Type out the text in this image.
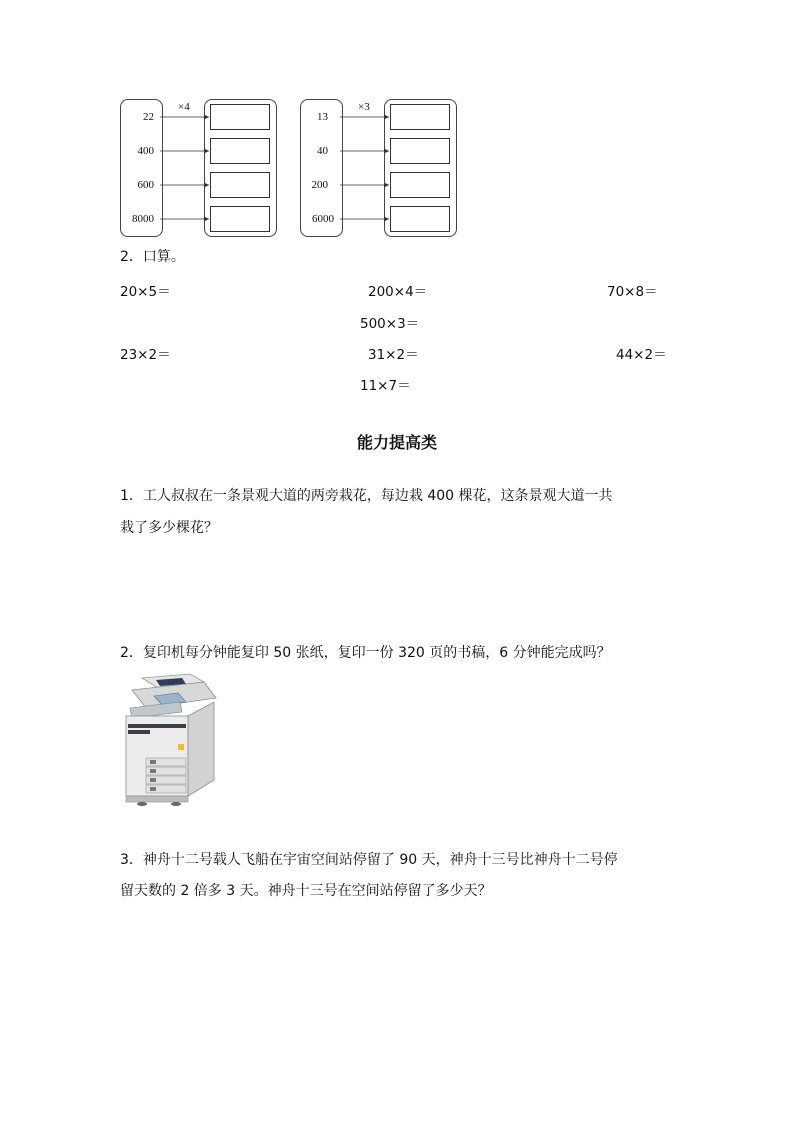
×4
22
400
600
8000
×3
13
40
200
6000
2．口算。
20×5＝	200×4＝	70×8＝
500×3＝
23×2＝	31×2＝	44×2＝
11×7＝
能力提高类
1．工人叔叔在一条景观大道的两旁栽花，每边栽 400 棵花，这条景观大道一共
栽了多少棵花？
2．复印机每分钟能复印 50 张纸，复印一份 320 页的书稿，6 分钟能完成吗？
3．神舟十二号载人飞船在宇宙空间站停留了 90 天，神舟十三号比神舟十二号停
留天数的 2 倍多 3 天。神舟十三号在空间站停留了多少天？
